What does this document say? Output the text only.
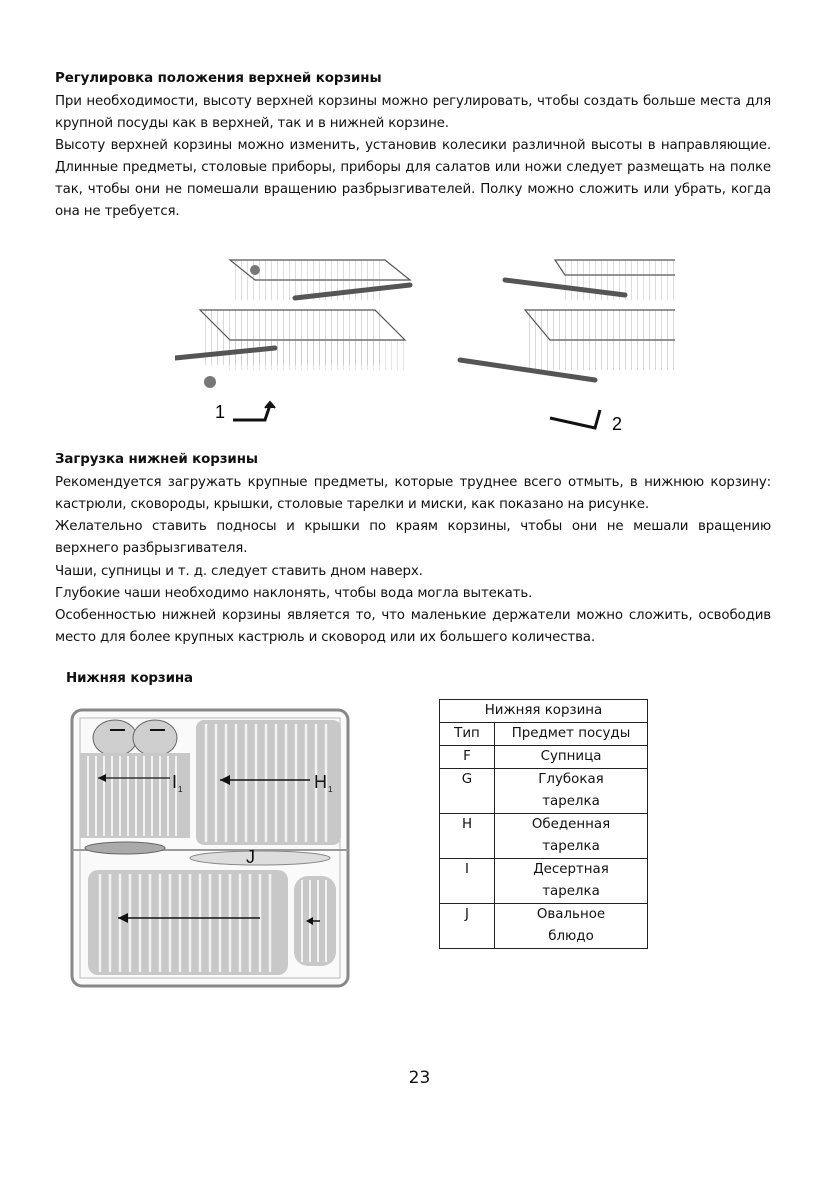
Регулировка положения верхней корзины

При необходимости, высоту верхней корзины можно регулировать, чтобы создать больше места для крупной посуды как в верхней, так и в нижней корзине.

Высоту верхней корзины можно изменить, установив колесики различной высоты в направляющие. Длинные предметы, столовые приборы, приборы для салатов или ножи следует размещать на полке так, чтобы они не помешали вращению разбрызгивателей. Полку можно сложить или убрать, когда она не требуется.

1
2
Загрузка нижней корзины

Рекомендуется загружать крупные предметы, которые труднее всего отмыть, в нижнюю корзину: кастрюли, сковороды, крышки, столовые тарелки и миски, как показано на рисунке.

Желательно ставить подносы и крышки по краям корзины, чтобы они не мешали вращению верхнего разбрызгивателя.

Чаши, супницы и т. д. следует ставить дном наверх.

Глубокие чаши необходимо наклонять, чтобы вода могла вытекать.

Особенностью нижней корзины является то, что маленькие держатели можно сложить, освободив место для более крупных кастрюль и сковород или их большего количества.

Нижняя корзина
I 1	H 1
J
Нижняя корзина	
Тип	Предмет посуды
F	Супница
G	Глубокая
тарелка
H	Обеденная
тарелка
I	Десертная
тарелка
J	Овальное
блюдо
23
